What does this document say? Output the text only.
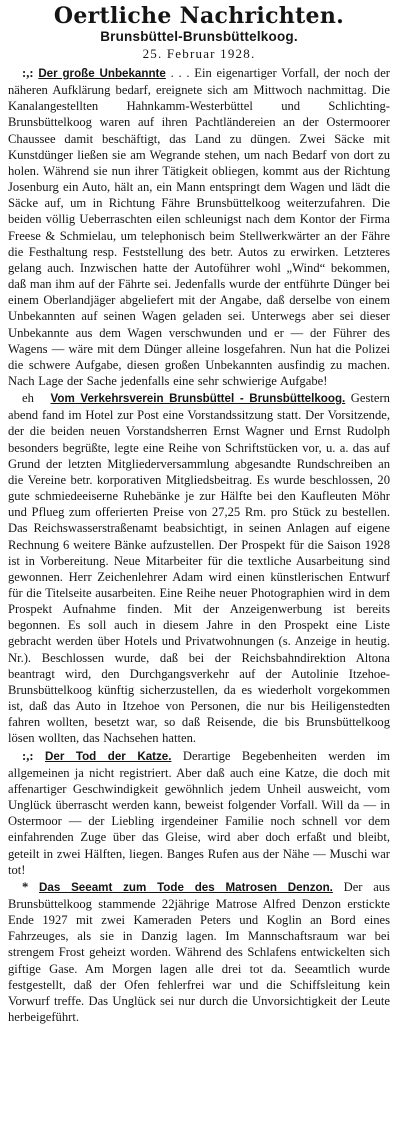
Oertliche Nachrichten.
Brunsbüttel-Brunsbüttelkoog.
25. Februar 1928.

:,: Der große Unbekannte . . . Ein eigenartiger Vorfall, der noch der näheren Aufklärung bedarf, ereignete sich am Mittwoch nachmittag. Die Kanalangestellten Hahnkamm-Westerbüttel und Schlichting-Brunsbüttelkoog waren auf ihren Pachtländereien an der Ostermoorer Chaussee damit beschäftigt, das Land zu düngen. Zwei Säcke mit Kunstdünger ließen sie am Wegrande stehen, um nach Bedarf von dort zu holen. Während sie nun ihrer Tätigkeit obliegen, kommt aus der Richtung Josenburg ein Auto, hält an, ein Mann entspringt dem Wagen und lädt die Säcke auf, um in Richtung Fähre Brunsbüttelkoog weiterzufahren. Die beiden völlig Ueberraschten eilen schleunigst nach dem Kontor der Firma Freese & Schmielau, um telephonisch beim Stellwerkwärter an der Fähre die Festhaltung resp. Feststellung des betr. Autos zu erwirken. Letzteres gelang auch. Inzwischen hatte der Autoführer wohl „Wind“ bekommen, daß man ihm auf der Fährte sei. Jedenfalls wurde der entführte Dünger bei einem Oberlandjäger abgeliefert mit der Angabe, daß derselbe von einem Unbekannten auf seinen Wagen geladen sei. Unterwegs aber sei dieser Unbekannte aus dem Wagen verschwunden und er — der Führer des Wagens — wäre mit dem Dünger alleine losgefahren. Nun hat die Polizei die schwere Aufgabe, diesen großen Unbekannten ausfindig zu machen. Nach Lage der Sache jedenfalls eine sehr schwierige Aufgabe!

eh Vom Verkehrsverein Brunsbüttel - Brunsbüttelkoog. Gestern abend fand im Hotel zur Post eine Vorstandssitzung statt. Der Vorsitzende, der die beiden neuen Vorstandsherren Ernst Wagner und Ernst Rudolph besonders begrüßte, legte eine Reihe von Schriftstücken vor, u. a. das auf Grund der letzten Mitgliederversammlung abgesandte Rundschreiben an die Vereine betr. korporativen Mitgliedsbeitrag. Es wurde beschlossen, 20 gute schmiedeeiserne Ruhebänke je zur Hälfte bei den Kaufleuten Möhr und Pflueg zum offerierten Preise von 27,25 Rm. pro Stück zu bestellen. Das Reichswasserstraßenamt beabsichtigt, in seinen Anlagen auf eigene Rechnung 6 weitere Bänke aufzustellen. Der Prospekt für die Saison 1928 ist in Vorbereitung. Neue Mitarbeiter für die textliche Ausarbeitung sind gewonnen. Herr Zeichenlehrer Adam wird einen künstlerischen Entwurf für die Titelseite ausarbeiten. Eine Reihe neuer Photographien wird in dem Prospekt Aufnahme finden. Mit der Anzeigenwerbung ist bereits begonnen. Es soll auch in diesem Jahre in den Prospekt eine Liste gebracht werden über Hotels und Privatwohnungen (s. Anzeige in heutig. Nr.). Beschlossen wurde, daß bei der Reichsbahndirektion Altona beantragt wird, den Durchgangsverkehr auf der Autolinie Itzehoe-Brunsbüttelkoog künftig sicherzustellen, da es wiederholt vorgekommen ist, daß das Auto in Itzehoe von Personen, die nur bis Heiligenstedten fahren wollten, besetzt war, so daß Reisende, die bis Brunsbüttelkoog lösen wollten, das Nachsehen hatten.

:,: Der Tod der Katze. Derartige Begebenheiten werden im allgemeinen ja nicht registriert. Aber daß auch eine Katze, die doch mit affenartiger Geschwindigkeit gewöhnlich jedem Unheil ausweicht, vom Unglück überrascht werden kann, beweist folgender Vorfall. Will da — in Ostermoor — der Liebling irgendeiner Familie noch schnell vor dem einfahrenden Zuge über das Gleise, wird aber doch erfaßt und bleibt, geteilt in zwei Hälften, liegen. Banges Rufen aus der Nähe — Muschi war tot!

* Das Seeamt zum Tode des Matrosen Denzon. Der aus Brunsbüttelkoog stammende 22jährige Matrose Alfred Denzon erstickte Ende 1927 mit zwei Kameraden Peters und Koglin an Bord eines Fahrzeuges, als sie in Danzig lagen. Im Mannschaftsraum war bei strengem Frost geheizt worden. Während des Schlafens entwickelten sich giftige Gase. Am Morgen lagen alle drei tot da. Seeamtlich wurde festgestellt, daß der Ofen fehlerfrei war und die Schiffsleitung kein Vorwurf treffe. Das Unglück sei nur durch die Unvorsichtigkeit der Leute herbeigeführt.
